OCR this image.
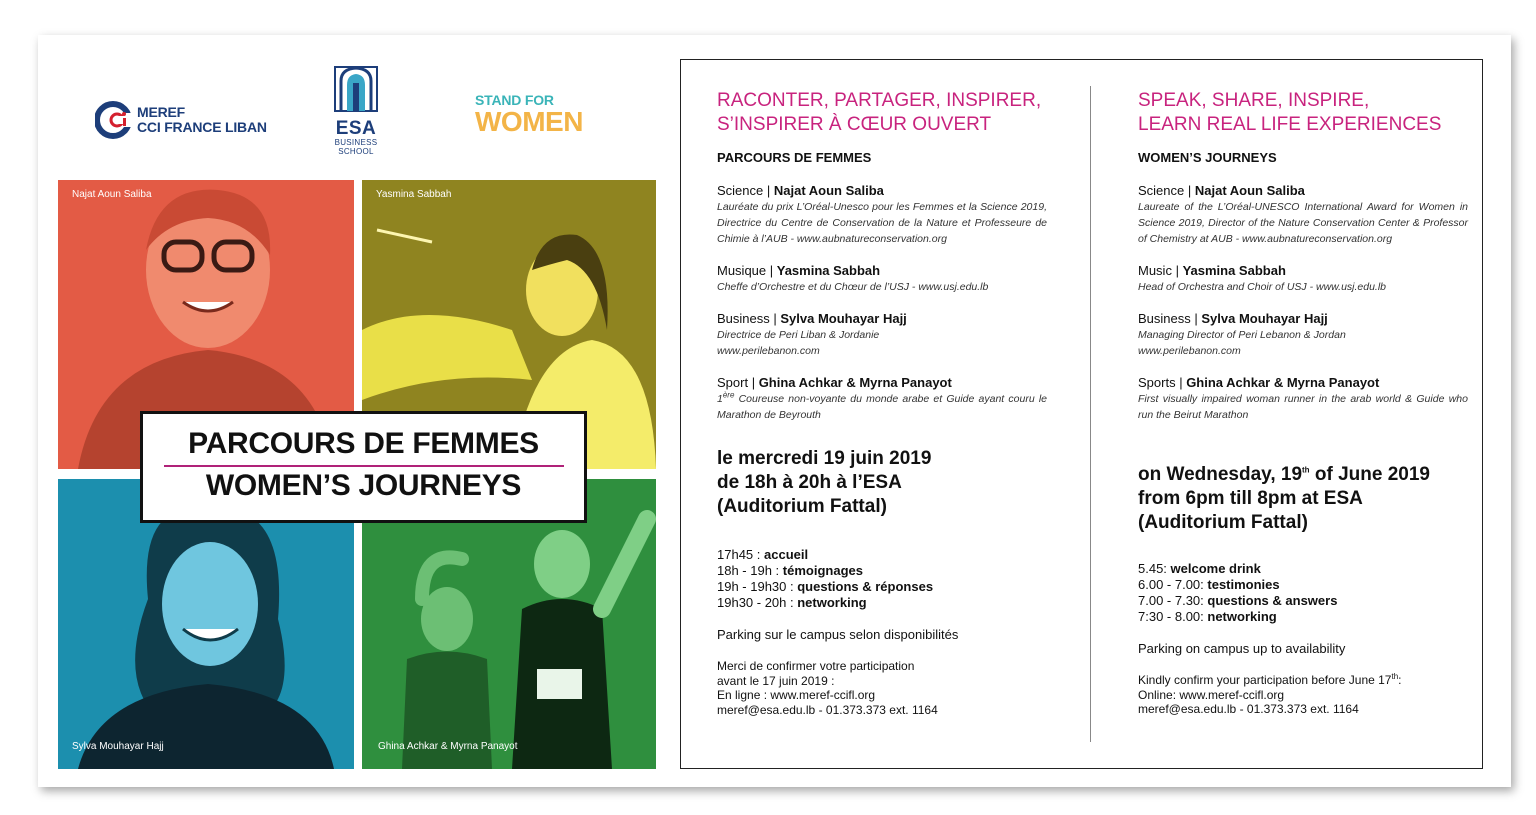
MEREF
CCI FRANCE LIBAN	ESA
BUSINESS
SCHOOL
STAND FOR
WOMEN
Najat Aoun Saliba	Yasmina Sabbah
Sylva Mouhayar Hajj	Ghina Achkar & Myrna Panayot
PARCOURS DE FEMMES
WOMEN’S JOURNEYS
RACONTER, PARTAGER, INSPIRER,
S’INSPIRER À CŒUR OUVERT
PARCOURS DE FEMMES
Science | Najat Aoun Saliba
Lauréate du prix L’Oréal-Unesco pour les Femmes et la Science 2019, Directrice du Centre de Conservation de la Nature et Professeure de Chimie à l’AUB - www.aubnatureconservation.org
Musique | Yasmina Sabbah
Cheffe d’Orchestre et du Chœur de l’USJ - www.usj.edu.lb
Business | Sylva Mouhayar Hajj
Directrice de Peri Liban & Jordanie
www.perilebanon.com
Sport | Ghina Achkar & Myrna Panayot
1ère Coureuse non-voyante du monde arabe et Guide ayant couru le Marathon de Beyrouth
le mercredi 19 juin 2019
de 18h à 20h à l’ESA
(Auditorium Fattal)
17h45 : accueil
18h - 19h : témoignages
19h - 19h30 : questions & réponses
19h30 - 20h : networking
Parking sur le campus selon disponibilités
Merci de confirmer votre participation
avant le 17 juin 2019 :
En ligne : www.meref-ccifl.org
meref@esa.edu.lb - 01.373.373 ext. 1164
SPEAK, SHARE, INSPIRE,
LEARN REAL LIFE EXPERIENCES
WOMEN’S JOURNEYS
Science | Najat Aoun Saliba
Laureate of the L’Oréal-UNESCO International Award for Women in Science 2019, Director of the Nature Conservation Center & Professor of Chemistry at AUB - www.aubnatureconservation.org
Music | Yasmina Sabbah
Head of Orchestra and Choir of USJ - www.usj.edu.lb
Business | Sylva Mouhayar Hajj
Managing Director of Peri Lebanon & Jordan
www.perilebanon.com
Sports | Ghina Achkar & Myrna Panayot
First visually impaired woman runner in the arab world & Guide who run the Beirut Marathon
on Wednesday, 19th of June 2019
from 6pm till 8pm at ESA
(Auditorium Fattal)
5.45: welcome drink
6.00 - 7.00: testimonies
7.00 - 7.30: questions & answers
7:30 - 8.00: networking
Parking on campus up to availability
Kindly confirm your participation before June 17th:
Online: www.meref-ccifl.org
meref@esa.edu.lb - 01.373.373 ext. 1164
